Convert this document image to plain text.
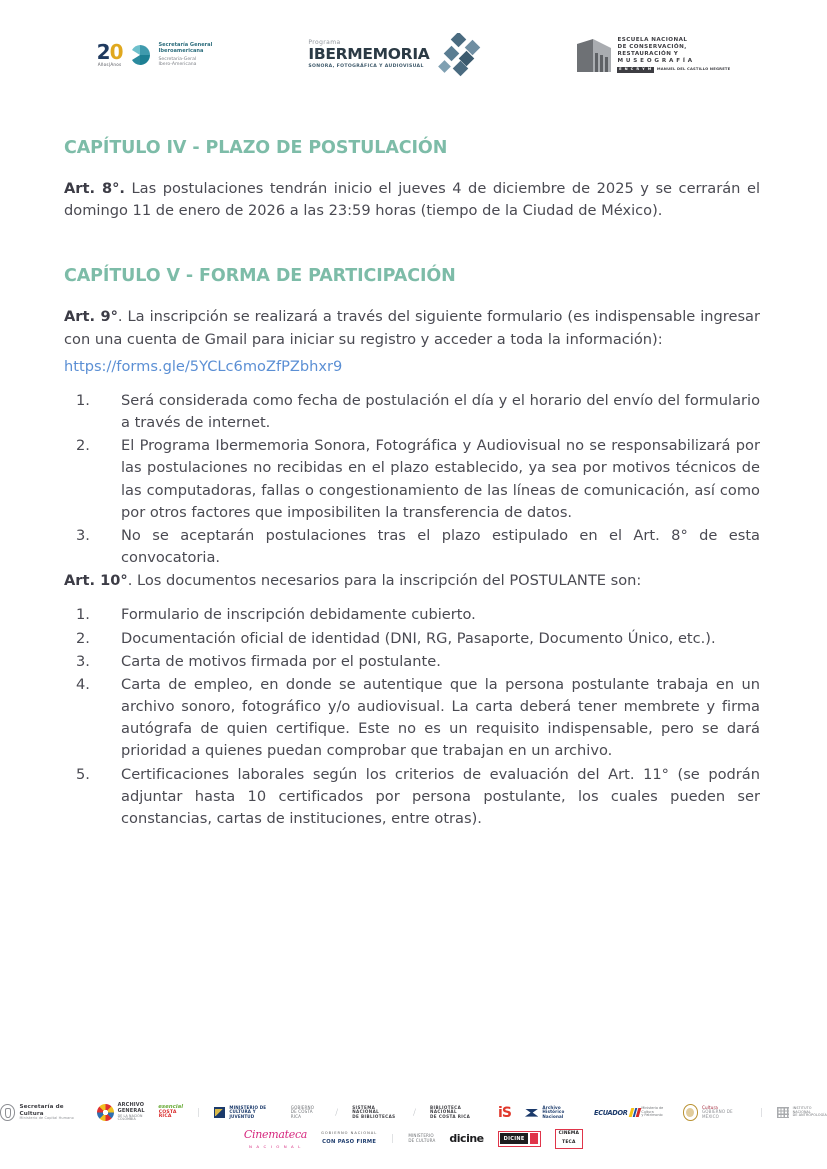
20
Años|Anos
Secretaría General
Iberoamericana
Secretaria-Geral
Ibero-Americana
Programa
IBERMEMORIA
SONORA, FOTOGRÁFICA Y AUDIOVISUAL
ESCUELA NACIONAL
DE CONSERVACIÓN,
RESTAURACIÓN Y
M U S E O G R A F Í A
E N C R Y M	MANUEL DEL CASTILLO NEGRETE
CAPÍTULO IV - PLAZO DE POSTULACIÓN

Art. 8°. Las postulaciones tendrán inicio el jueves 4 de diciembre de 2025 y se cerrarán el domingo 11 de enero de 2026 a las 23:59 horas (tiempo de la Ciudad de México).

CAPÍTULO V - FORMA DE PARTICIPACIÓN

Art. 9°. La inscripción se realizará a través del siguiente formulario (es indispensable ingresar con una cuenta de Gmail para iniciar su registro y acceder a toda la información):

https://forms.gle/5YCLc6moZfPZbhxr9
Será considerada como fecha de postulación el día y el horario del envío del formulario a través de internet.
El Programa Ibermemoria Sonora, Fotográfica y Audiovisual no se responsabilizará por las postulaciones no recibidas en el plazo establecido, ya sea por motivos técnicos de las computadoras, fallas o congestionamiento de las líneas de comunicación, así como por otros factores que imposibiliten la transferencia de datos.
No se aceptarán postulaciones tras el plazo estipulado en el Art. 8° de esta convocatoria.

Art. 10°. Los documentos necesarios para la inscripción del POSTULANTE son:

Formulario de inscripción debidamente cubierto.
Documentación oficial de identidad (DNI, RG, Pasaporte, Documento Único, etc.).
Carta de motivos firmada por el postulante.
Carta de empleo, en donde se autentique que la persona postulante trabaja en un archivo sonoro, fotográfico y/o audiovisual. La carta deberá tener membrete y firma autógrafa de quien certifique. Este no es un requisito indispensable, pero se dará prioridad a quienes puedan comprobar que trabajan en un archivo.
Certificaciones laborales según los criterios de evaluación del Art. 11° (se podrán adjuntar hasta 10 certificados por persona postulante, los cuales pueden ser constancias, cartas de instituciones, entre otras).
Secretaría de Cultura
Ministerio de Capital Humano
ARCHIVO
GENERAL
DE LA NACIÓN
COLOMBIA
esencial
COSTA RICA	|
MINISTERIO DE
CULTURA Y JUVENTUD
GOBIERNO
DE COSTA RICA	/
SISTEMA NACIONAL
DE BIBLIOTECAS	/
BIBLIOTECA NACIONAL
DE COSTA RICA	iS	Archivo Histórico
Nacional	ECUADOR
Ministerio de Cultura
y Patrimonio
Cultura
GOBIERNO DE MÉXICO	|	INSTITUTO NACIONAL
DE ANTROPOLOGÍA
Cinemateca
N A C I O N A L
GOBIERNO NACIONAL
CON PASO FIRME |	MINISTERIO
DE CULTURA dicine	DICINE
CINEMA
TECA
